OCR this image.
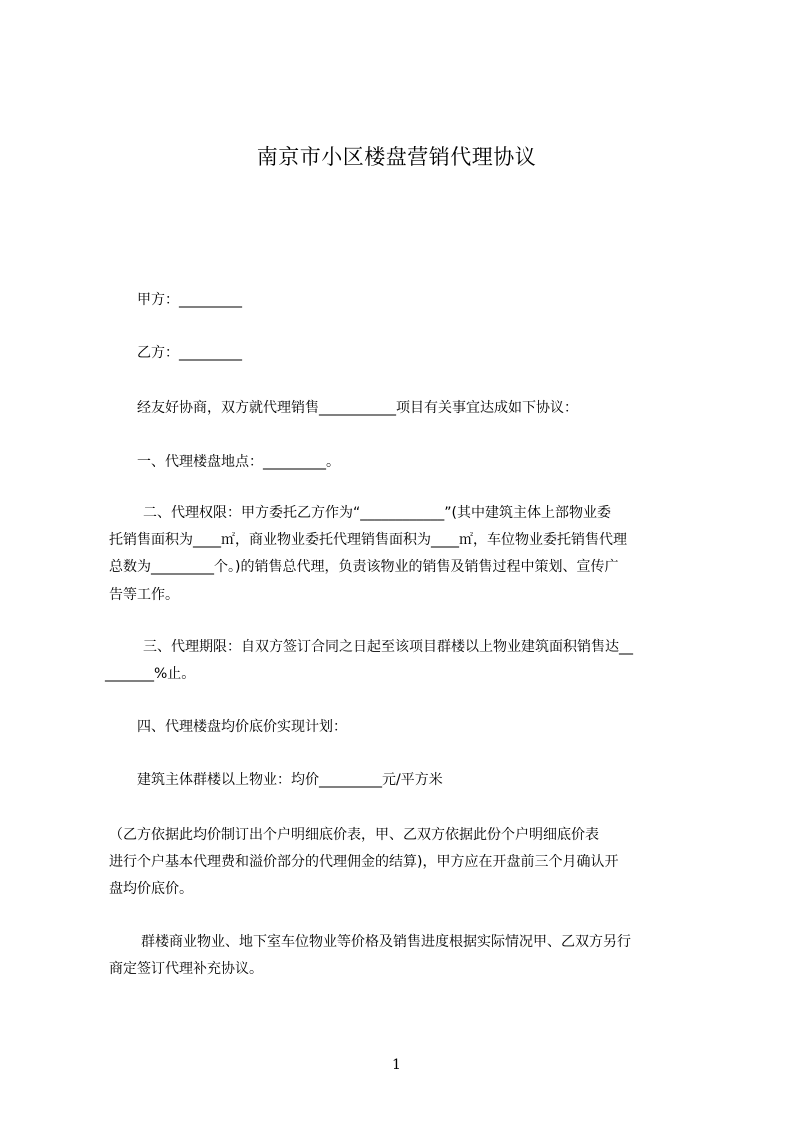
南京市小区楼盘营销代理协议
甲方：_________
乙方：_________
经友好协商，双方就代理销售___________项目有关事宜达成如下协议：
一、代理楼盘地点：_________。
二、代理权限：甲方委托乙方作为“____________”(其中建筑主体上部物业委
托销售面积为____㎡，商业物业委托代理销售面积为____㎡，车位物业委托销售代理
总数为_________个。)的销售总代理，负责该物业的销售及销售过程中策划、宣传广
告等工作。
三、代理期限：自双方签订合同之日起至该项目群楼以上物业建筑面积销售达__
_______%止。
四、代理楼盘均价底价实现计划：
建筑主体群楼以上物业：均价_________元/平方米
（乙方依据此均价制订出个户明细底价表，甲、乙双方依据此份个户明细底价表
进行个户基本代理费和溢价部分的代理佣金的结算)，甲方应在开盘前三个月确认开
盘均价底价。
群楼商业物业、地下室车位物业等价格及销售进度根据实际情况甲、乙双方另行
商定签订代理补充协议。
1
